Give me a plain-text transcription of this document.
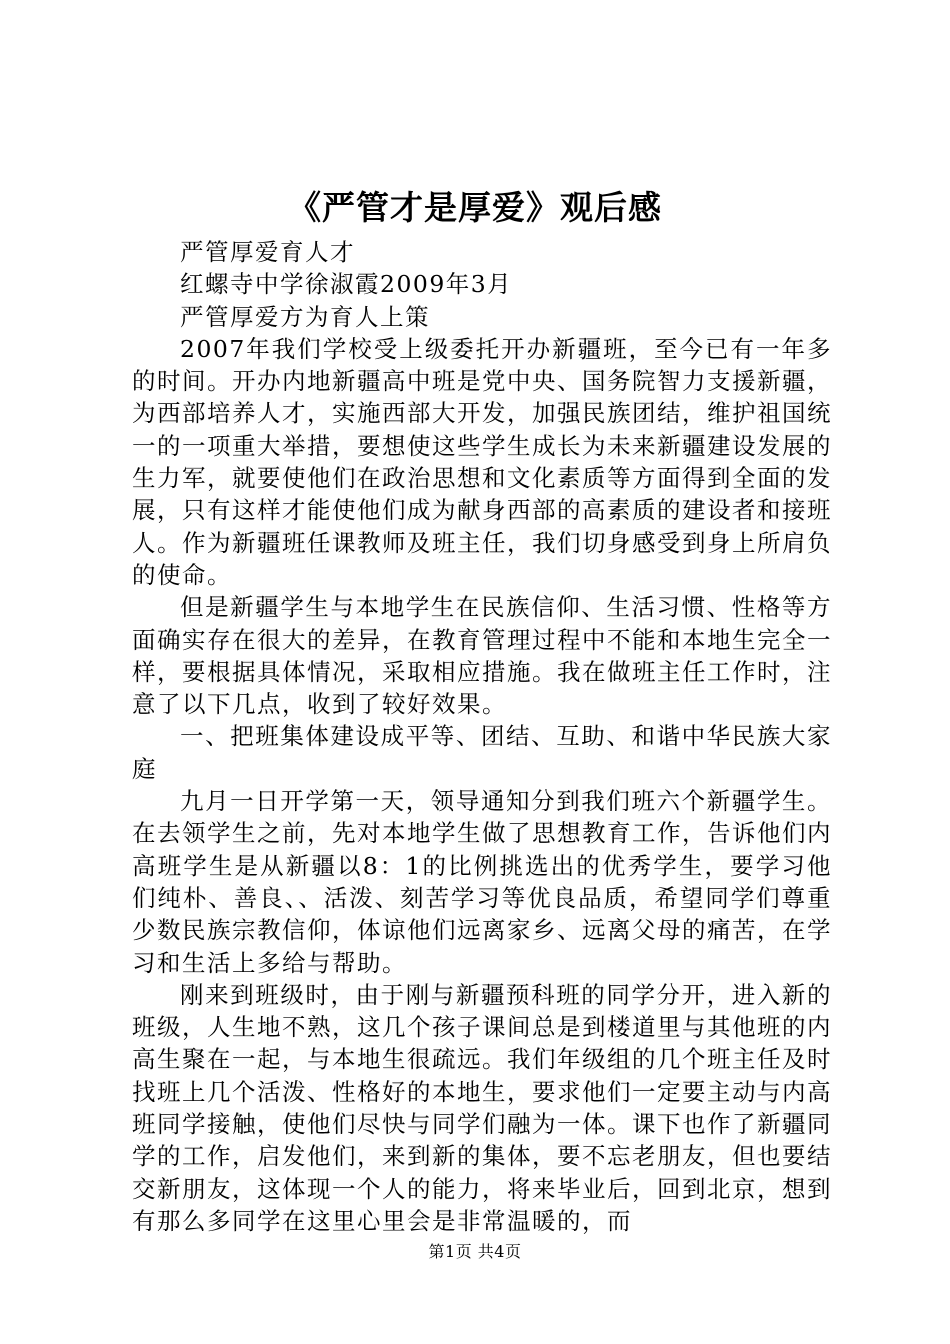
《严管才是厚爱》观后感

严管厚爱育人才

红螺寺中学徐淑霞2009年3月

严管厚爱方为育人上策

2007年我们学校受上级委托开办新疆班，至今已有一年多的时间。开办内地新疆高中班是党中央、国务院智力支援新疆，为西部培养人才，实施西部大开发，加强民族团结，维护祖国统一的一项重大举措，要想使这些学生成长为未来新疆建设发展的生力军，就要使他们在政治思想和文化素质等方面得到全面的发展，只有这样才能使他们成为献身西部的高素质的建设者和接班人。作为新疆班任课教师及班主任，我们切身感受到身上所肩负的使命。

但是新疆学生与本地学生在民族信仰、生活习惯、性格等方面确实存在很大的差异，在教育管理过程中不能和本地生完全一样，要根据具体情况，采取相应措施。我在做班主任工作时，注意了以下几点，收到了较好效果。

一、把班集体建设成平等、团结、互助、和谐中华民族大家庭

九月一日开学第一天，领导通知分到我们班六个新疆学生。在去领学生之前，先对本地学生做了思想教育工作，告诉他们内高班学生是从新疆以8：1的比例挑选出的优秀学生，要学习他们纯朴、善良、、活泼、刻苦学习等优良品质，希望同学们尊重少数民族宗教信仰，体谅他们远离家乡、远离父母的痛苦，在学习和生活上多给与帮助。

刚来到班级时，由于刚与新疆预科班的同学分开，进入新的班级，人生地不熟，这几个孩子课间总是到楼道里与其他班的内高生聚在一起，与本地生很疏远。我们年级组的几个班主任及时找班上几个活泼、性格好的本地生，要求他们一定要主动与内高班同学接触，使他们尽快与同学们融为一体。课下也作了新疆同学的工作，启发他们，来到新的集体，要不忘老朋友，但也要结交新朋友，这体现一个人的能力，将来毕业后，回到北京，想到有那么多同学在这里心里会是非常温暖的，而

第1页 共4页
